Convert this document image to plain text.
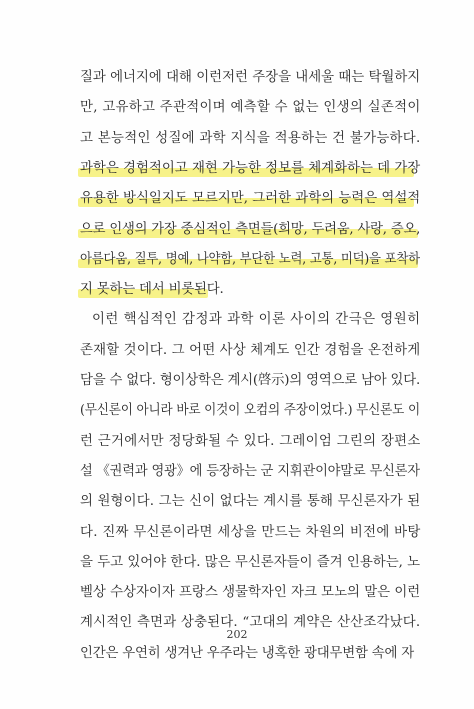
질과 에너지에 대해 이런저런 주장을 내세울 때는 탁월하지
만, 고유하고 주관적이며 예측할 수 없는 인생의 실존적이
고 본능적인 성질에 과학 지식을 적용하는 건 불가능하다.
과학은 경험적이고 재현 가능한 정보를 체계화하는 데 가장
유용한 방식일지도 모르지만, 그러한 과학의 능력은 역설적
으로 인생의 가장 중심적인 측면들(희망, 두려움, 사랑, 증오,
아름다움, 질투, 명예, 나약함, 부단한 노력, 고통, 미덕)을 포착하
지 못하는 데서 비롯된다.
이런 핵심적인 감정과 과학 이론 사이의 간극은 영원히
존재할 것이다. 그 어떤 사상 체계도 인간 경험을 온전하게
담을 수 없다. 형이상학은 계시(啓示)의 영역으로 남아 있다.
(무신론이 아니라 바로 이것이 오컴의 주장이었다.) 무신론도 이
런 근거에서만 정당화될 수 있다. 그레이엄 그린의 장편소
설 《권력과 영광》에 등장하는 군 지휘관이야말로 무신론자
의 원형이다. 그는 신이 없다는 계시를 통해 무신론자가 된
다. 진짜 무신론이라면 세상을 만드는 차원의 비전에 바탕
을 두고 있어야 한다. 많은 무신론자들이 즐겨 인용하는, 노
벨상 수상자이자 프랑스 생물학자인 자크 모노의 말은 이런
계시적인 측면과 상충된다. “고대의 계약은 산산조각났다.
인간은 우연히 생겨난 우주라는 냉혹한 광대무변함 속에 자
202
